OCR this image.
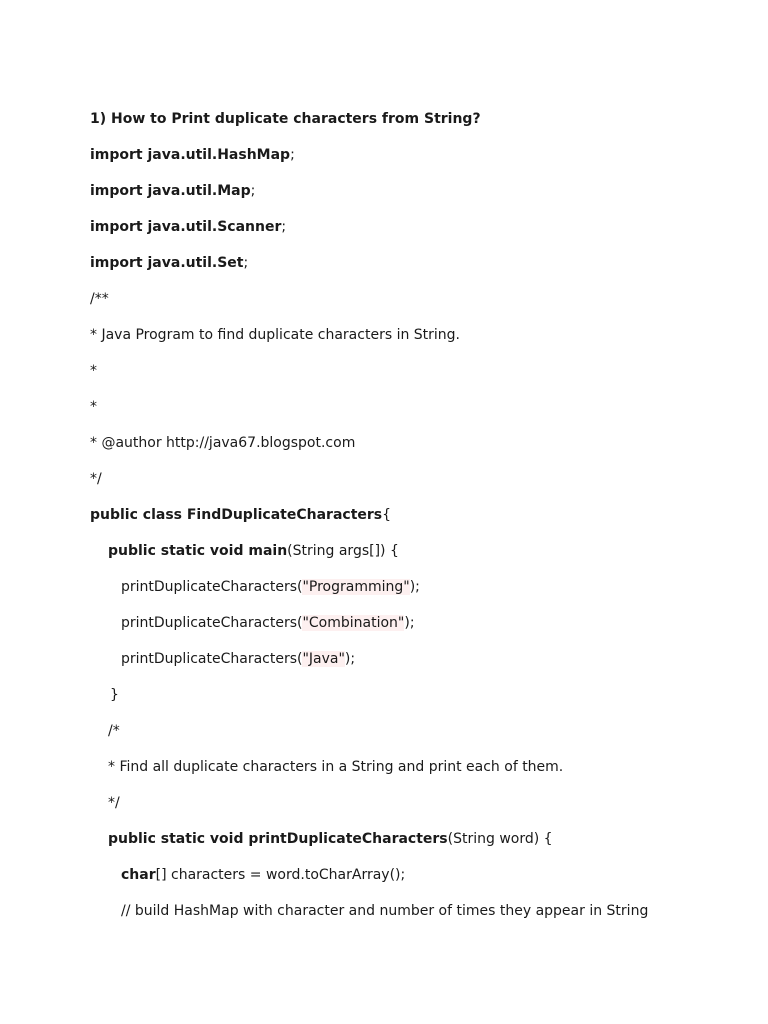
1) How to Print duplicate characters from String?
import java.util.HashMap;
import java.util.Map;
import java.util.Scanner;
import java.util.Set;
/**
* Java Program to find duplicate characters in String.
*
*
* @author http://java67.blogspot.com
*/
public class FindDuplicateCharacters{
public static void main(String args[]) {
printDuplicateCharacters("Programming");
printDuplicateCharacters("Combination");
printDuplicateCharacters("Java");
}
/*
* Find all duplicate characters in a String and print each of them.
*/
public static void printDuplicateCharacters(String word) {
char[] characters = word.toCharArray();
// build HashMap with character and number of times they appear in String
